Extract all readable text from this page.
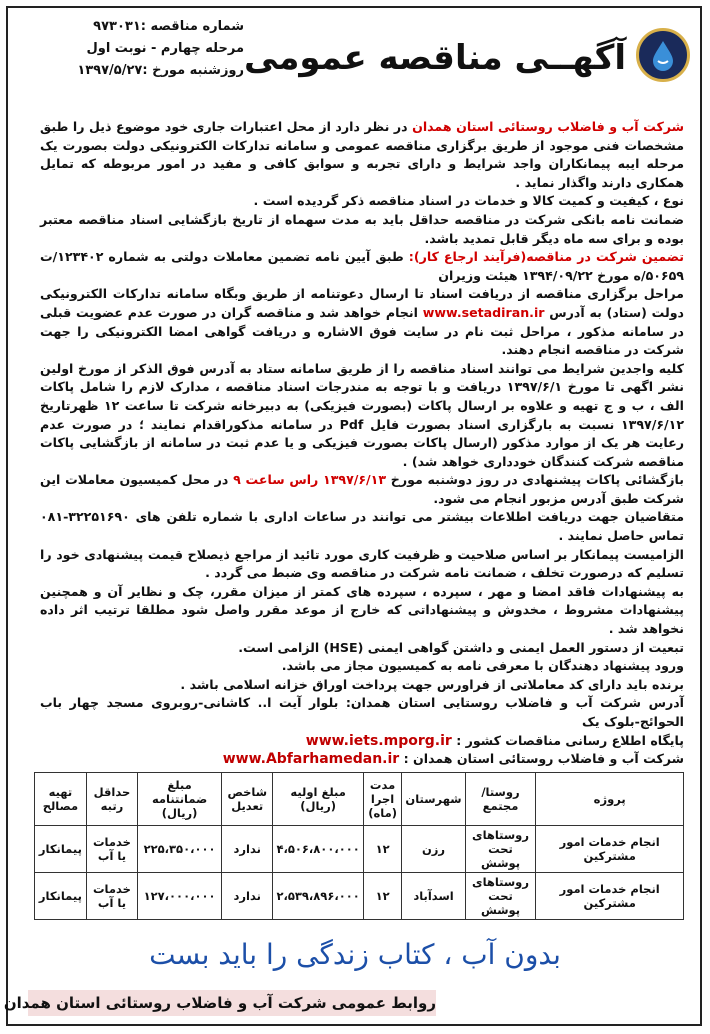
شماره مناقصه :۹۷۳۰۳۱
مرحله چهارم - نوبت اول
روزشنبه مورخ :۱۳۹۷/۵/۲۷ آگهــی مناقصه عمومی

شرکت آب و فاضلاب روستائی استان همدان در نظر دارد از محل اعتبارات جاری خود موضوع ذیل را طبق مشخصات فنی موجود از طریق برگزاری مناقصه عمومی و سامانه تدارکات الکترونیکی دولت بصورت یک مرحله ایبه پیمانکاران واجد شرایط و دارای تجربه و سوابق کافی و مفید در امور مربوطه که تمایل همکاری دارند واگذار نماید .

نوع ، کیفیت و کمیت کالا و خدمات در اسناد مناقصه ذکر گردیده است .

ضمانت نامه بانکی شرکت در مناقصه حداقل باید به مدت سهماه از تاریخ بازگشایی اسناد مناقصه معتبر بوده و برای سه ماه دیگر قابل تمدید باشد.

تضمین شرکت در مناقصه(فرآیند ارجاع کار): طبق آیین نامه تضمین معاملات دولتی به شماره ۱۲۳۴۰۲/ت ۵۰۶۵۹/ه مورخ ۱۳۹۴/۰۹/۲۲ هیئت وزیران

مراحل برگزاری مناقصه از دریافت اسناد تا ارسال دعوتنامه از طریق وبگاه سامانه تدارکات الکترونیکی دولت (ستاد) به آدرس www.setadiran.ir انجام خواهد شد و مناقصه گران در صورت عدم عضویت قبلی در سامانه مذکور ، مراحل ثبت نام در سایت فوق الاشاره و دریافت گواهی امضا الکترونیکی را جهت شرکت در مناقصه انجام دهند.

کلیه واجدین شرایط می توانند اسناد مناقصه را از طریق سامانه ستاد به آدرس فوق الذکر از مورخ اولین نشر اگهی تا مورخ ۱۳۹۷/۶/۱ دریافت و با توجه به مندرجات اسناد مناقصه ، مدارک لازم را شامل پاکات الف ، ب و ج تهیه و علاوه بر ارسال پاکات (بصورت فیزیکی) به دبیرخانه شرکت تا ساعت ۱۲ ظهرتاریخ ۱۳۹۷/۶/۱۲ نسبت به بارگزاری اسناد بصورت فایل Pdf در سامانه مذکوراقدام نمایند ؛ در صورت عدم رعایت هر یک از موارد مذکور (ارسال پاکات بصورت فیزیکی و یا عدم ثبت در سامانه از بازگشایی پاکات مناقصه شرکت کنندگان خودداری خواهد شد) .

بازگشائی پاکات پیشنهادی در روز دوشنبه مورخ ۱۳۹۷/۶/۱۳ راس ساعت ۹ در محل کمیسیون معاملات این شرکت طبق آدرس مزبور انجام می شود.

متقاضیان جهت دریافت اطلاعات بیشتر می توانند در ساعات اداری با شماره تلفن های ۳۲۲۵۱۶۹۰-۰۸۱ تماس حاصل نمایند .

الزامیست پیمانکار بر اساس صلاحیت و ظرفیت کاری مورد تائید از مراجع ذیصلاح قیمت پیشنهادی خود را تسلیم که درصورت تخلف ، ضمانت نامه شرکت در مناقصه وی ضبط می گردد .

به پیشنهادات فاقد امضا و مهر ، سپرده ، سپرده های کمتر از میزان مقرر، چک و نظایر آن و همچنین پیشنهادات مشروط ، مخدوش و پیشنهاداتی که خارج از موعد مقرر واصل شود مطلقا ترتیب اثر داده نخواهد شد .

تبعیت از دستور العمل ایمنی و داشتن گواهی ایمنی (HSE) الزامی است.

ورود پیشنهاد دهندگان با معرفی نامه به کمیسیون مجاز می باشد.

برنده باید دارای کد معاملاتی از فراورس جهت پرداخت اوراق خزانه اسلامی باشد .

آدرس شرکت آب و فاضلاب روستایی استان همدان: بلوار آیت ا.. کاشانی-روبروی مسجد چهار باب الحوائج-بلوک یک

پایگاه اطلاع رسانی مناقصات کشور : www.iets.mporg.ir

شرکت آب و فاضلاب روستائی استان همدان : www.Abfarhamedan.ir

پروژه	روستا/مجتمع	شهرستان	مدت اجرا (ماه)	مبلغ اولیه (ریال)	شاخص تعدیل	مبلغ ضمانتنامه (ریال)	حداقل رتبه	تهیه مصالح
انجام خدمات امور مشترکین	روستاهای تحت پوشش	رزن	۱۲	۴،۵۰۶،۸۰۰،۰۰۰	ندارد	۲۲۵،۳۵۰،۰۰۰	خدمات یا آب	پیمانکار
انجام خدمات امور مشترکین	روستاهای تحت پوشش	اسدآباد	۱۲	۲،۵۳۹،۸۹۶،۰۰۰	ندارد	۱۲۷،۰۰۰،۰۰۰	خدمات یا آب	پیمانکار
بدون آب ، کتاب زندگی را باید بست
روابط عمومی شرکت آب و فاضلاب روستائی استان همدان
